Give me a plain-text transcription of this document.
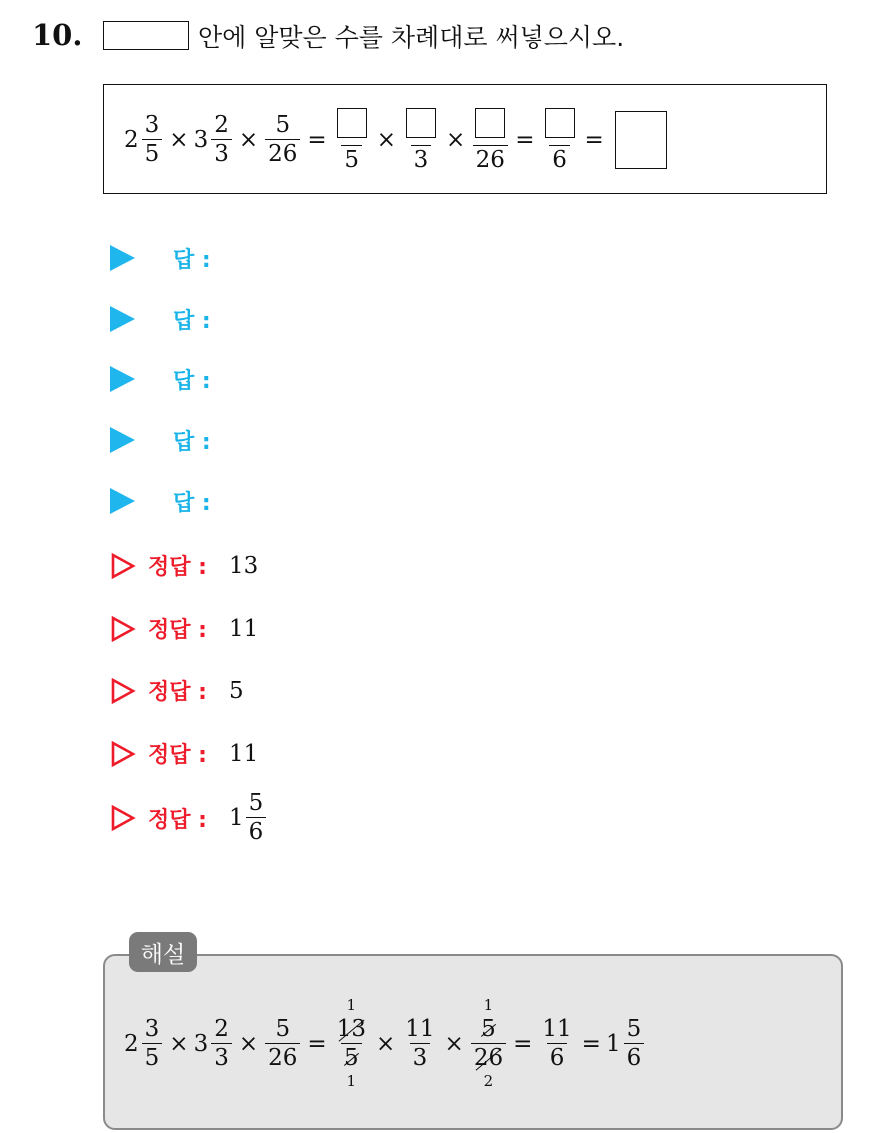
10.	안에 알맞은 수를 차례대로 써넣으시오.
$2 \frac{3}{5} \times 3 \frac{2}{3} \times \frac{5}{26}$ =
5
×
3
×
26
=
6
=
답 :
답 :
답 :
답 :
답 :
정답 : 13
정답 : 11
정답 : 5
정답 : 11
정답 : $1 \frac{5}{6}$
해설
$2 \frac{3}{5} \times 3 \frac{2}{3} \times \frac{5}{26}$ =
1
13
5
1
× $\frac{11}{3}$ ×
1
5
26
2
= $\frac{11}{6} = 1 \frac{5}{6}$
